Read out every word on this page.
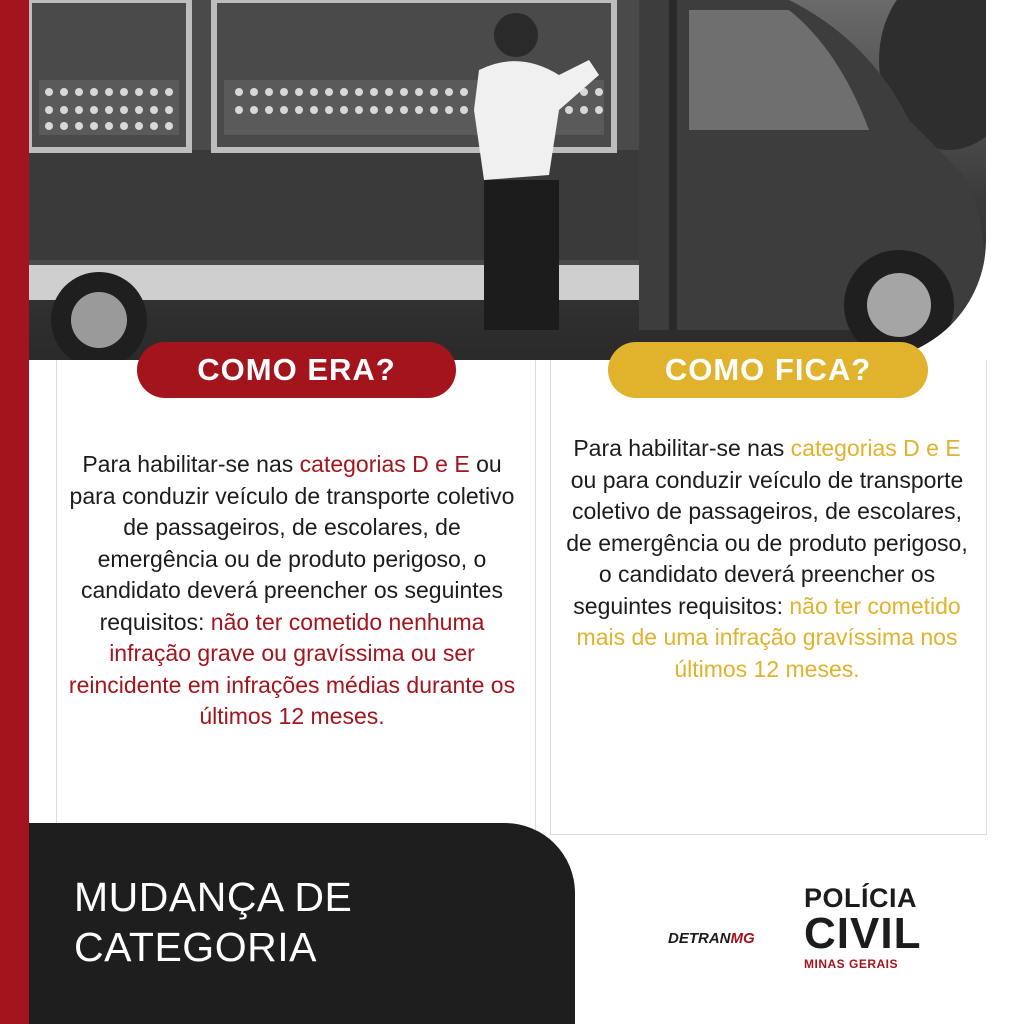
COMO ERA?	COMO FICA?
Para habilitar-se nas categorias D e E ou para conduzir veículo de transporte coletivo de passageiros, de escolares, de emergência ou de produto perigoso, o candidato deverá preencher os seguintes requisitos: não ter cometido nenhuma infração grave ou gravíssima ou ser reincidente em infrações médias durante os últimos 12 meses.
Para habilitar-se nas categorias D e E ou para conduzir veículo de transporte coletivo de passageiros, de escolares, de emergência ou de produto perigoso, o candidato deverá preencher os seguintes requisitos: não ter cometido mais de uma infração gravíssima nos últimos 12 meses.
MUDANÇA DE
CATEGORIA	DETRAN MG
POLÍCIA
CIVIL
MINAS GERAIS
